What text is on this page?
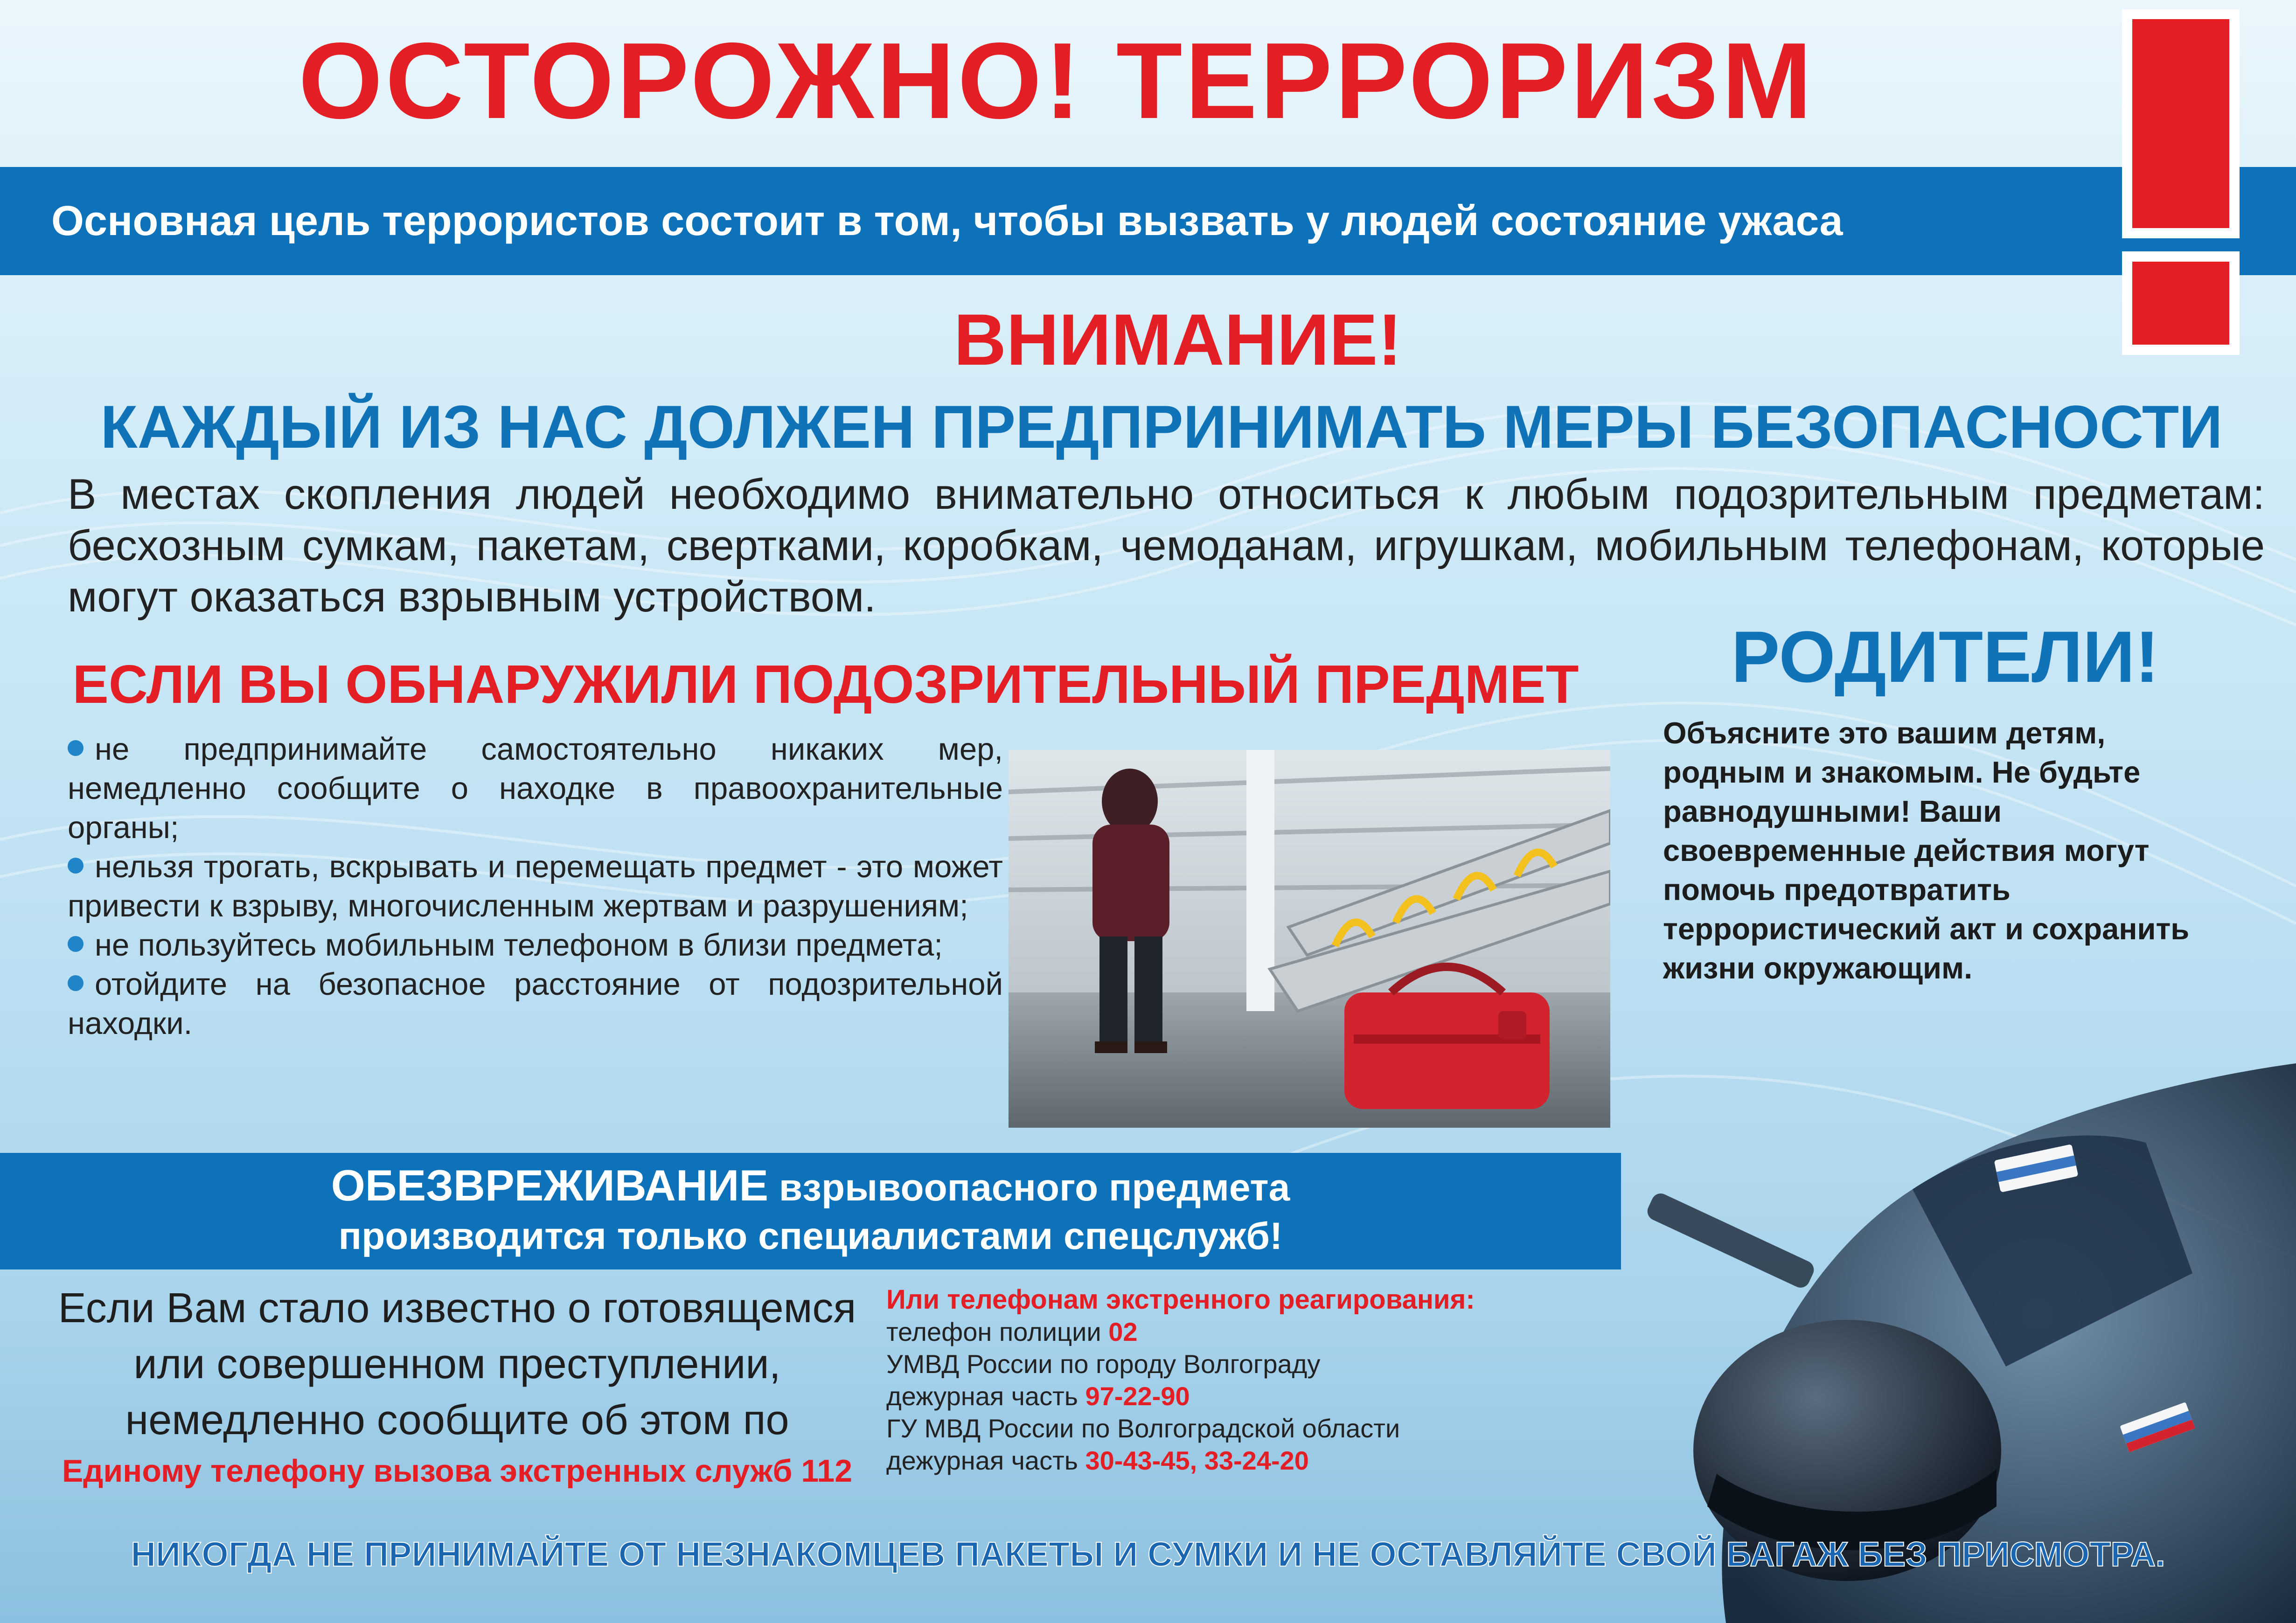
ОСТОРОЖНО! ТЕРРОРИЗМ
Основная цель террористов состоит в том, чтобы вызвать у людей состояние ужаса
ВНИМАНИЕ!
КАЖДЫЙ ИЗ НАС ДОЛЖЕН ПРЕДПРИНИМАТЬ МЕРЫ БЕЗОПАСНОСТИ
В местах скопления людей необходимо внимательно относиться к любым подозрительным предметам: бесхозным сумкам, пакетам, свертками, коробкам, чемоданам, игрушкам, мобильным телефонам, которые могут оказаться взрывным устройством.
ЕСЛИ ВЫ ОБНАРУЖИЛИ ПОДОЗРИТЕЛЬНЫЙ ПРЕДМЕТ

не предпринимайте самостоятельно никаких мер, немедленно сообщите о находке в правоохранительные органы;

нельзя трогать, вскрывать и перемещать предмет - это может привести к взрыву, многочисленным жертвам и разрушениям;

не пользуйтесь мобильным телефоном в близи предмета;

отойдите на безопасное расстояние от подозрительной находки.

РОДИТЕЛИ!
Объясните это вашим детям, родным и знакомым. Не будьте равнодушными! Ваши своевременные действия могут помочь предотвратить террористический акт и сохранить жизни окружающим.
ОБЕЗВРЕЖИВАНИЕ взрывоопасного предмета
производится только специалистами спецслужб!
Если Вам стало известно о готовящемся
или совершенном преступлении,
немедленно сообщите об этом по
Единому телефону вызова экстренных служб 112
Или телефонам экстренного реагирования:
телефон полиции 02
УМВД России по городу Волгограду
дежурная часть 97-22-90
ГУ МВД России по Волгоградской области
дежурная часть 30-43-45, 33-24-20
НИКОГДА НЕ ПРИНИМАЙТЕ ОТ НЕЗНАКОМЦЕВ ПАКЕТЫ И СУМКИ И НЕ ОСТАВЛЯЙТЕ СВОЙ БАГАЖ БЕЗ ПРИСМОТРА.
